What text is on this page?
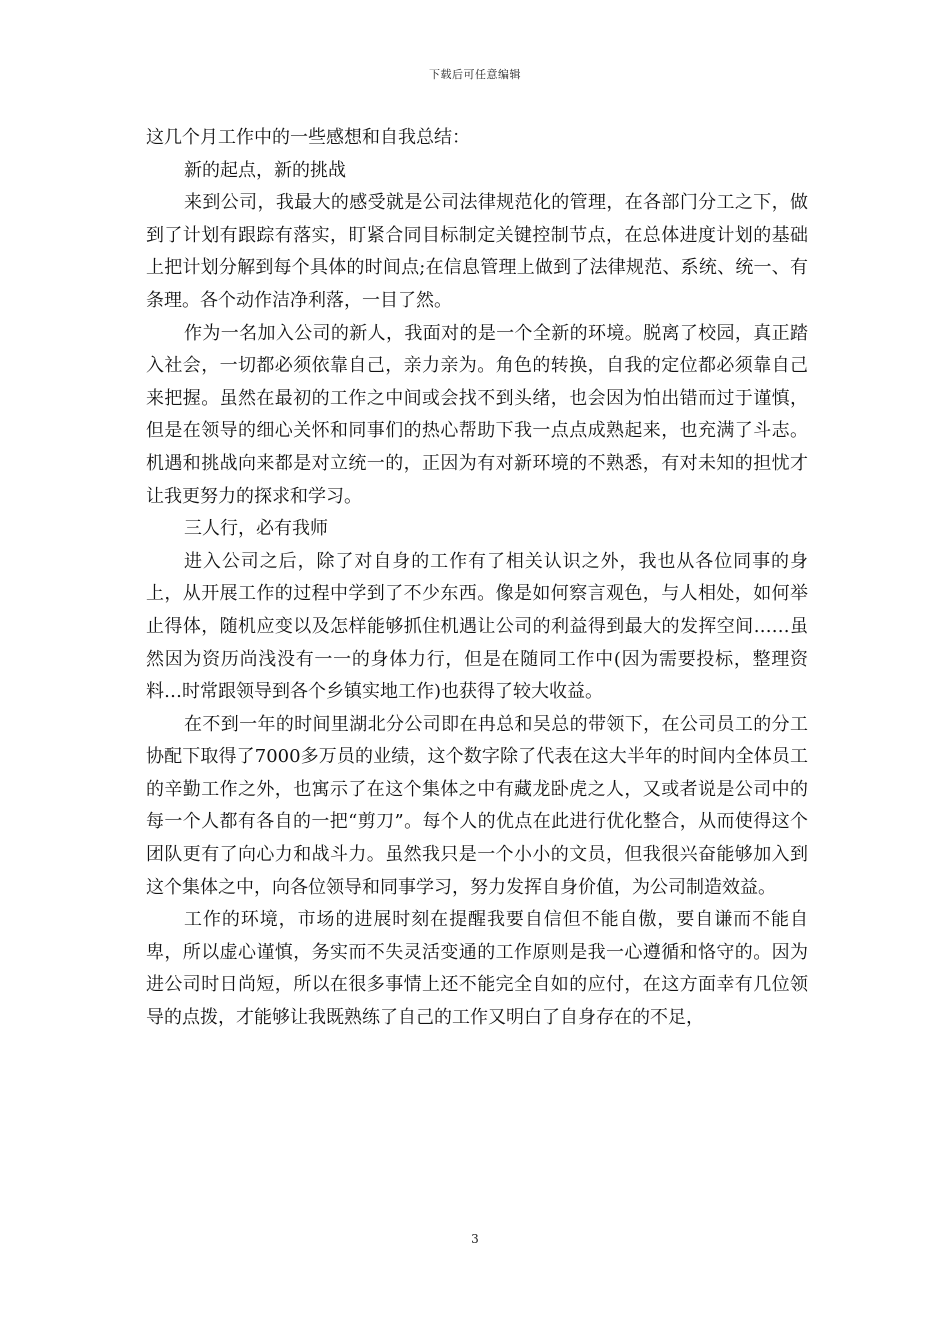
下载后可任意编辑

这几个月工作中的一些感想和自我总结：

新的起点，新的挑战

来到公司，我最大的感受就是公司法律规范化的管理，在各部门分工之下，做到了计划有跟踪有落实，盯紧合同目标制定关键控制节点，在总体进度计划的基础上把计划分解到每个具体的时间点;在信息管理上做到了法律规范、系统、统一、有条理。各个动作洁净利落，一目了然。

作为一名加入公司的新人，我面对的是一个全新的环境。脱离了校园，真正踏入社会，一切都必须依靠自己，亲力亲为。角色的转换，自我的定位都必须靠自己来把握。虽然在最初的工作之中间或会找不到头绪，也会因为怕出错而过于谨慎，但是在领导的细心关怀和同事们的热心帮助下我一点点成熟起来，也充满了斗志。机遇和挑战向来都是对立统一的，正因为有对新环境的不熟悉，有对未知的担忧才让我更努力的探求和学习。

三人行，必有我师

进入公司之后，除了对自身的工作有了相关认识之外，我也从各位同事的身上，从开展工作的过程中学到了不少东西。像是如何察言观色，与人相处，如何举止得体，随机应变以及怎样能够抓住机遇让公司的利益得到最大的发挥空间……虽然因为资历尚浅没有一一的身体力行，但是在随同工作中(因为需要投标，整理资料…时常跟领导到各个乡镇实地工作)也获得了较大收益。

在不到一年的时间里湖北分公司即在冉总和吴总的带领下，在公司员工的分工协配下取得了7000多万员的业绩，这个数字除了代表在这大半年的时间内全体员工的辛勤工作之外，也寓示了在这个集体之中有藏龙卧虎之人，又或者说是公司中的每一个人都有各自的一把“剪刀”。每个人的优点在此进行优化整合，从而使得这个团队更有了向心力和战斗力。虽然我只是一个小小的文员，但我很兴奋能够加入到这个集体之中，向各位领导和同事学习，努力发挥自身价值，为公司制造效益。

工作的环境，市场的进展时刻在提醒我要自信但不能自傲，要自谦而不能自卑，所以虚心谨慎，务实而不失灵活变通的工作原则是我一心遵循和恪守的。因为进公司时日尚短，所以在很多事情上还不能完全自如的应付，在这方面幸有几位领导的点拨，才能够让我既熟练了自己的工作又明白了自身存在的不足，

3
